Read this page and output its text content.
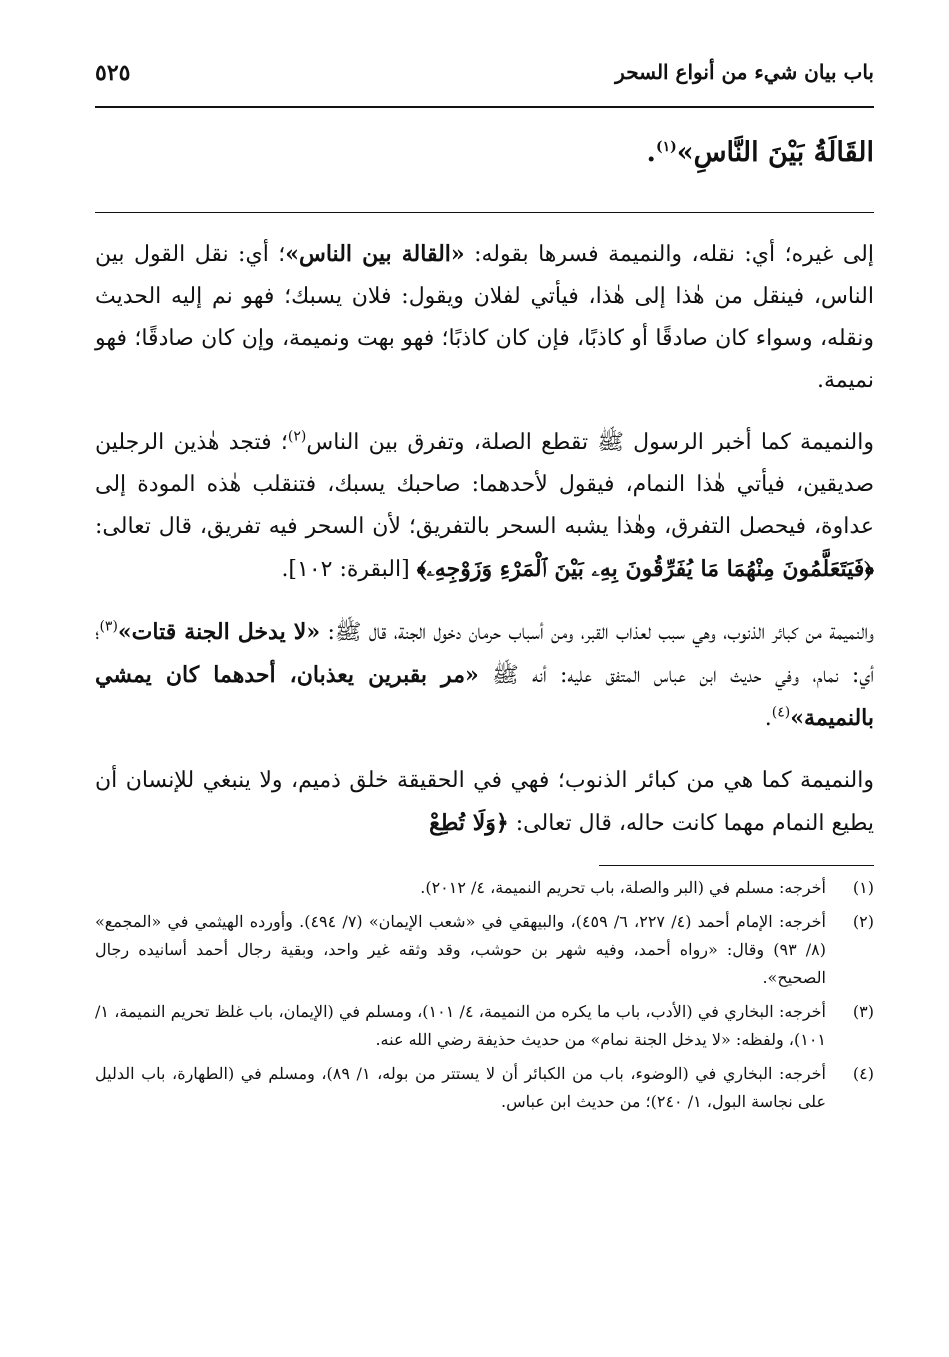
باب بيان شيء من أنواع السحر
٥٢٥
القَالَةُ بَيْنَ النَّاسِ»$^{(١)}$.

إلى غيره؛ أي: نقله، والنميمة فسرها بقوله: «القالة بين الناس»؛ أي: نقل القول بين الناس، فينقل من هٰذا إلى هٰذا، فيأتي لفلان ويقول: فلان يسبك؛ فهو نم إليه الحديث ونقله، وسواء كان صادقًا أو كاذبًا، فإن كان كاذبًا؛ فهو بهت ونميمة، وإن كان صادقًا؛ فهو نميمة.

والنميمة كما أخبر الرسول ﷺ تقطع الصلة، وتفرق بين الناس$^{(٢)}$؛ فتجد هٰذين الرجلين صديقين، فيأتي هٰذا النمام، فيقول لأحدهما: صاحبك يسبك، فتنقلب هٰذه المودة إلى عداوة، فيحصل التفرق، وهٰذا يشبه السحر بالتفريق؛ لأن السحر فيه تفريق، قال تعالى: ﴿فَيَتَعَلَّمُونَ مِنْهُمَا مَا يُفَرِّقُونَ بِهِۦ بَيْنَ ٱلْمَرْءِ وَزَوْجِهِۦ﴾ [البقرة: ١٠٢].

والنميمة من كبائر الذنوب، وهي سبب لعذاب القبر، ومن أسباب حرمان دخول الجنة، قال ﷺ: «لا يدخل الجنة قتات»$^{(٣)}$؛ أي: نمام، وفي حديث ابن عباس المتفق عليه: أنه ﷺ «مر بقبرين يعذبان، أحدهما كان يمشي بالنميمة»$^{(٤)}$.

والنميمة كما هي من كبائر الذنوب؛ فهي في الحقيقة خلق ذميم، ولا ينبغي للإنسان أن يطيع النمام مهما كانت حاله، قال تعالى: ﴿وَلَا تُطِعْ

(١)
أخرجه: مسلم في (البر والصلة، باب تحريم النميمة، ٤/ ٢٠١٢).
(٢)
أخرجه: الإمام أحمد (٤/ ٢٢٧، ٦/ ٤٥٩)، والبيهقي في «شعب الإيمان» (٧/ ٤٩٤). وأورده الهيثمي في «المجمع» (٨/ ٩٣) وقال: «رواه أحمد، وفيه شهر بن حوشب، وقد وثقه غير واحد، وبقية رجال أحمد أسانيده رجال الصحيح».
(٣)
أخرجه: البخاري في (الأدب، باب ما يكره من النميمة، ٤/ ١٠١)، ومسلم في (الإيمان، باب غلظ تحريم النميمة، ١/ ١٠١)، ولفظه: «لا يدخل الجنة نمام» من حديث حذيفة رضي الله عنه.
(٤)
أخرجه: البخاري في (الوضوء، باب من الكبائر أن لا يستتر من بوله، ١/ ٨٩)، ومسلم في (الطهارة، باب الدليل على نجاسة البول، ١/ ٢٤٠)؛ من حديث ابن عباس.
